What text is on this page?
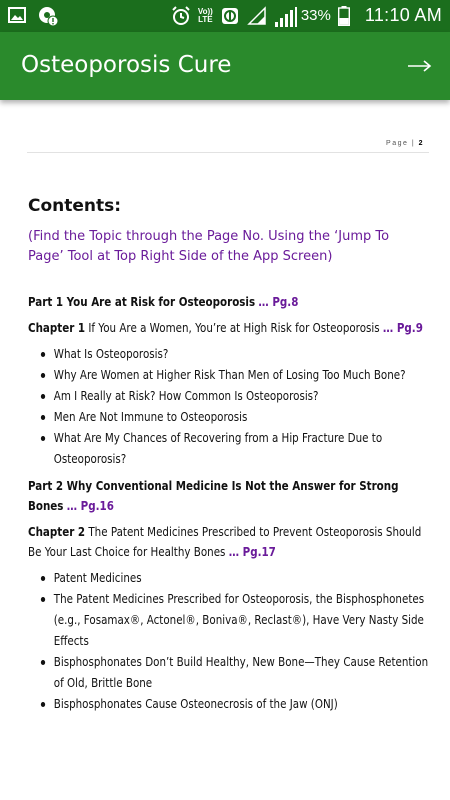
Vo))
LTE	33% 11:10 AM
Osteoporosis Cure
Page | 2
Contents:
(Find the Topic through the Page No. Using the ‘Jump To Page’ Tool at Top Right Side of the App Screen)
Part 1 You Are at Risk for Osteoporosis … Pg.8
Chapter 1 If You Are a Women, You’re at High Risk for Osteoporosis … Pg.9
What Is Osteoporosis?
Why Are Women at Higher Risk Than Men of Losing Too Much Bone?
Am I Really at Risk? How Common Is Osteoporosis?
Men Are Not Immune to Osteoporosis
What Are My Chances of Recovering from a Hip Fracture Due to Osteoporosis?
Part 2 Why Conventional Medicine Is Not the Answer for Strong Bones … Pg.16
Chapter 2 The Patent Medicines Prescribed to Prevent Osteoporosis Should Be Your Last Choice for Healthy Bones … Pg.17
Patent Medicines
The Patent Medicines Prescribed for Osteoporosis, the Bisphosphonetes (e.g., Fosamax®, Actonel®, Boniva®, Reclast®), Have Very Nasty Side Effects
Bisphosphonates Don’t Build Healthy, New Bone—They Cause Retention of Old, Brittle Bone
Bisphosphonates Cause Osteonecrosis of the Jaw (ONJ)
